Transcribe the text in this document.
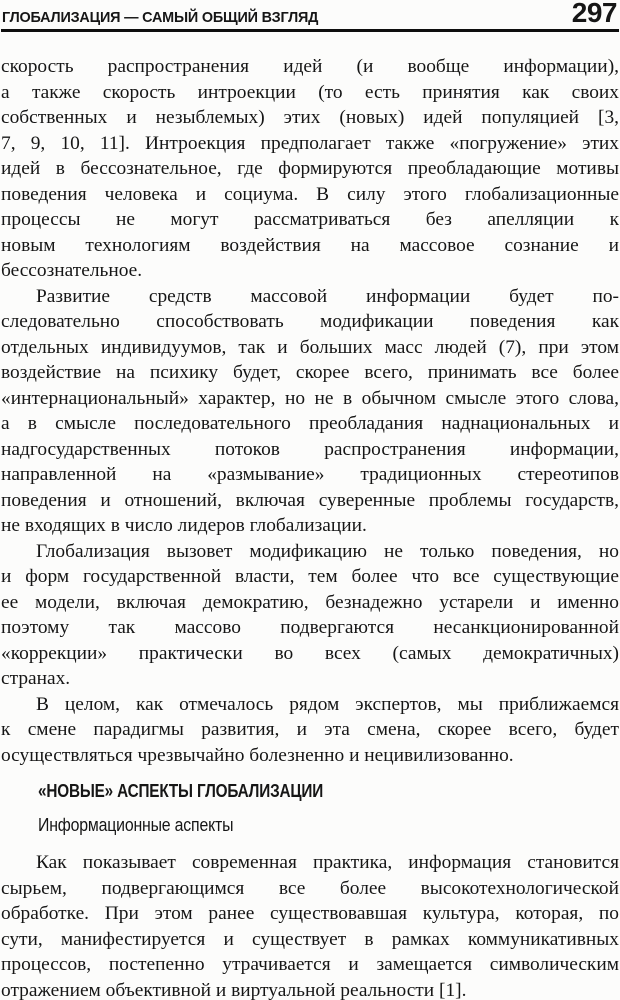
ГЛОБАЛИЗАЦИЯ — САМЫЙ ОБЩИЙ ВЗГЛЯД	297
скорость распространения идей (и вообще информации),
а также скорость интроекции (то есть принятия как своих
собственных и незыблемых) этих (новых) идей популяцией [3,
7, 9, 10, 11]. Интроекция предполагает также «погружение» этих
идей в бессознательное, где формируются преобладающие мотивы
поведения человека и социума. В силу этого глобализационные
процессы не могут рассматриваться без апелляции к
новым технологиям воздействия на массовое сознание и
бессознательное.
Развитие средств массовой информации будет по-
следовательно способствовать модификации поведения как
отдельных индивидуумов, так и больших масс людей (7), при этом
воздействие на психику будет, скорее всего, принимать все более
«интернациональный» характер, но не в обычном смысле этого слова,
а в смысле последовательного преобладания наднациональных и
надгосударственных потоков распространения информации,
направленной на «размывание» традиционных стереотипов
поведения и отношений, включая суверенные проблемы государств,
не входящих в число лидеров глобализации.
Глобализация вызовет модификацию не только поведения, но
и форм государственной власти, тем более что все существующие
ее модели, включая демократию, безнадежно устарели и именно
поэтому так массово подвергаются несанкционированной
«коррекции» практически во всех (самых демократичных)
странах.
В целом, как отмечалось рядом экспертов, мы приближаемся
к смене парадигмы развития, и эта смена, скорее всего, будет
осуществляться чрезвычайно болезненно и нецивилизованно.
«НОВЫЕ» АСПЕКТЫ ГЛОБАЛИЗАЦИИ
Информационные аспекты
Как показывает современная практика, информация становится
сырьем, подвергающимся все более высокотехнологической
обработке. При этом ранее существовавшая культура, которая, по
сути, манифестируется и существует в рамках коммуникативных
процессов, постепенно утрачивается и замещается символическим
отражением объективной и виртуальной реальности [1].
